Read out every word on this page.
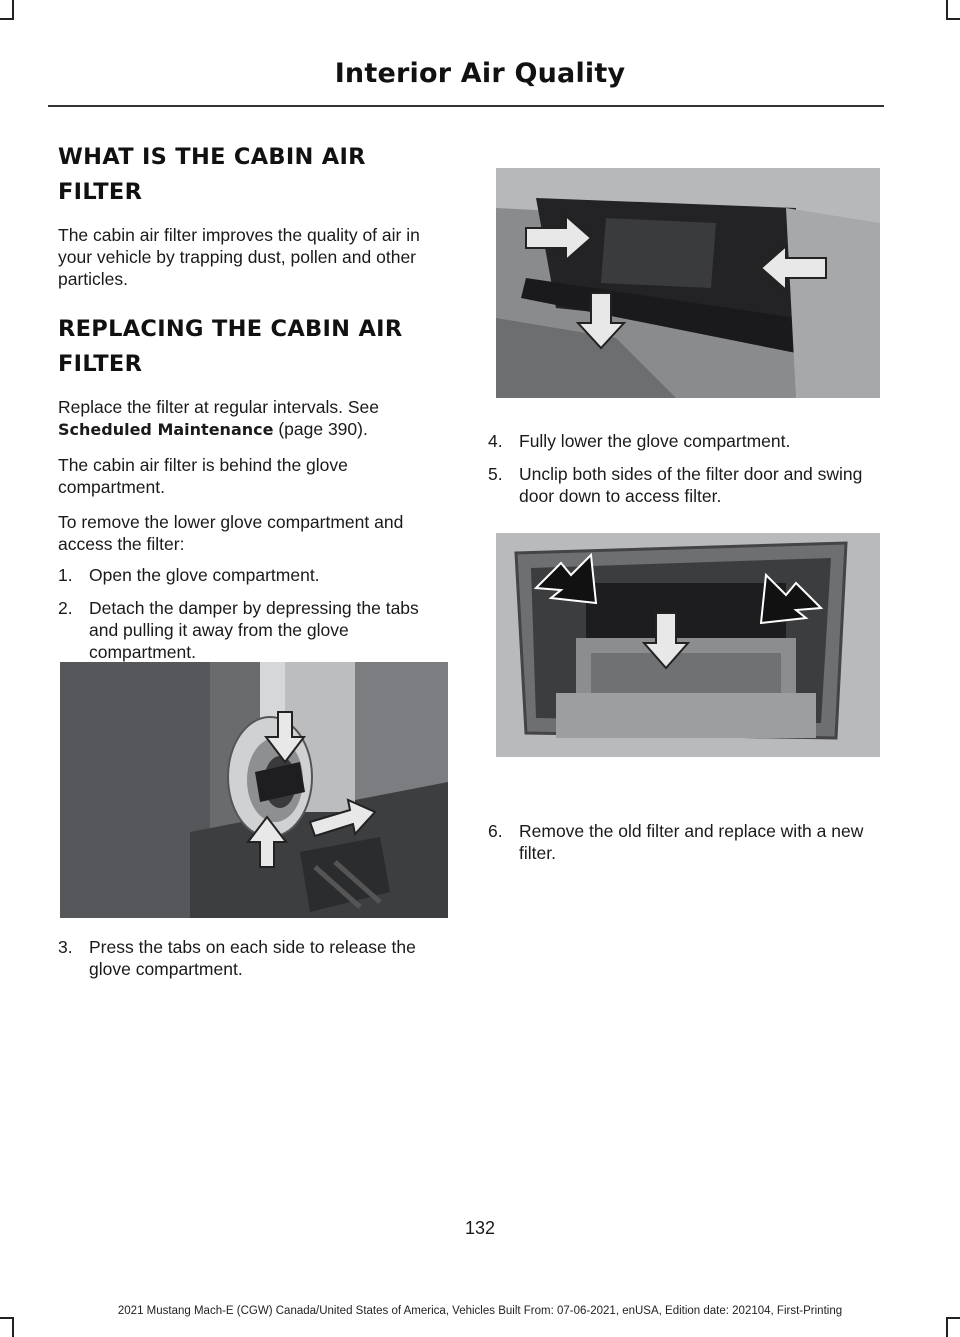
Interior Air Quality
WHAT IS THE CABIN AIR
FILTER

The cabin air filter improves the quality of air in your vehicle by trapping dust, pollen and other particles.

REPLACING THE CABIN AIR
FILTER

Replace the filter at regular intervals. See Scheduled Maintenance (page 390).

The cabin air filter is behind the glove compartment.

To remove the lower glove compartment and access the filter:

1. Open the glove compartment.
2. Detach the damper by depressing the tabs and pulling it away from the glove compartment.
3. Press the tabs on each side to release the glove compartment.
4. Fully lower the glove compartment.
5. Unclip both sides of the filter door and swing door down to access filter.
6. Remove the old filter and replace with a new filter.
132
2021 Mustang Mach-E (CGW) Canada/United States of America, Vehicles Built From: 07-06-2021, enUSA, Edition date: 202104, First-Printing
